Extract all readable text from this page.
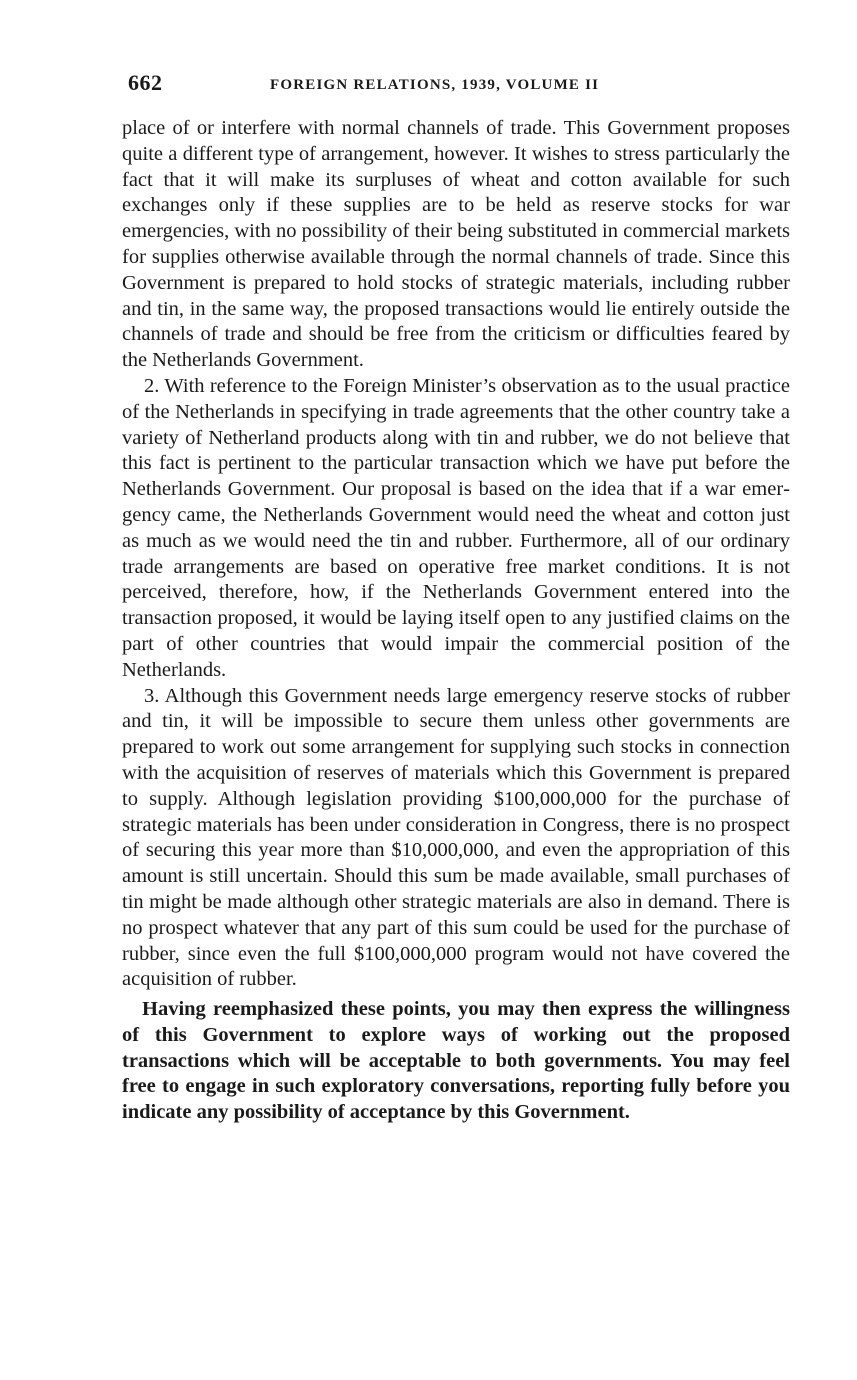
662	FOREIGN RELATIONS, 1939, VOLUME II

place of or interfere with normal channels of trade. This Government proposes quite a different type of arrangement, however. It wishes to stress particularly the fact that it will make its surpluses of wheat and cotton available for such exchanges only if these supplies are to be held as reserve stocks for war emergencies, with no possibility of their being substituted in commercial markets for supplies otherwise available through the normal channels of trade. Since this Government is prepared to hold stocks of strategic materials, including rubber and tin, in the same way, the proposed transactions would lie entirely outside the channels of trade and should be free from the criticism or difficulties feared by the Netherlands Government.

2. With reference to the Foreign Minister’s observation as to the usual practice of the Netherlands in specifying in trade agreements that the other country take a variety of Netherland products along with tin and rubber, we do not believe that this fact is pertinent to the particular transaction which we have put before the Netherlands Government. Our proposal is based on the idea that if a war emergency came, the Netherlands Government would need the wheat and cotton just as much as we would need the tin and rubber. Furthermore, all of our ordinary trade arrangements are based on operative free market conditions. It is not perceived, therefore, how, if the Netherlands Government entered into the transaction proposed, it would be laying itself open to any justified claims on the part of other countries that would impair the commercial position of the Netherlands.

3. Although this Government needs large emergency reserve stocks of rubber and tin, it will be impossible to secure them unless other governments are prepared to work out some arrangement for supplying such stocks in connection with the acquisition of reserves of materials which this Government is prepared to supply. Although legislation providing $100,000,000 for the purchase of strategic materials has been under consideration in Congress, there is no prospect of securing this year more than $10,000,000, and even the appropriation of this amount is still uncertain. Should this sum be made available, small purchases of tin might be made although other strategic materials are also in demand. There is no prospect whatever that any part of this sum could be used for the purchase of rubber, since even the full $100,000,000 program would not have covered the acquisition of rubber.

Having reemphasized these points, you may then express the willingness of this Government to explore ways of working out the proposed transactions which will be acceptable to both governments. You may feel free to engage in such exploratory conversations, reporting fully before you indicate any possibility of acceptance by this Government.
